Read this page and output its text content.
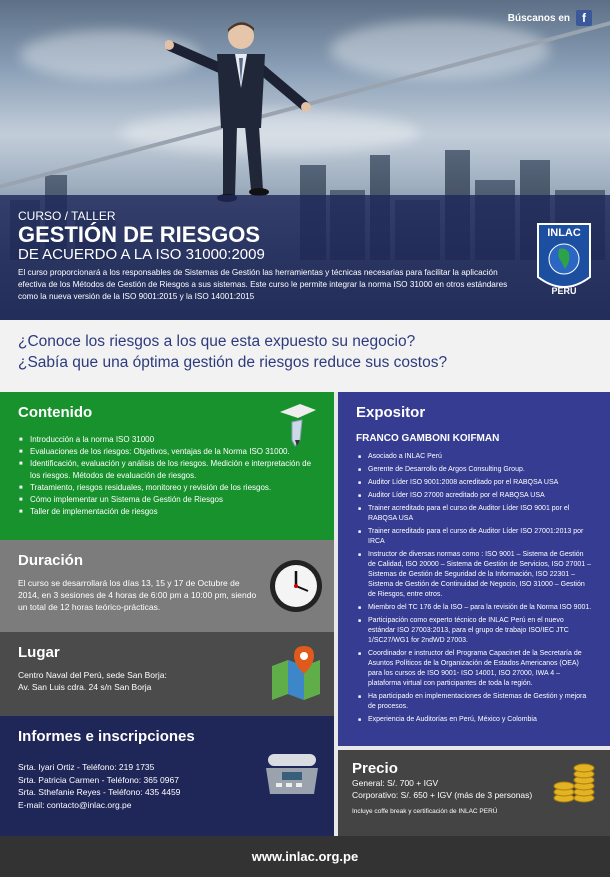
Búscanos en	f
CURSO / TALLER
GESTIÓN DE RIESGOS
DE ACUERDO A LA ISO 31000:2009
El curso proporcionará a los responsables de Sistemas de Gestión las herramientas y técnicas necesarias para facilitar la aplicación efectiva de los Métodos de Gestión de Riesgos a sus sistemas. Este curso le permite integrar la norma ISO 31000 en otros estándares como la nueva versión de la ISO 9001:2015 y la ISO 14001:2015
INLAC
PERÚ
¿Conoce los riesgos a los que esta expuesto su negocio?
¿Sabía que una óptima gestión de riesgos reduce sus costos?
Contenido
■ Introducción a la norma ISO 31000
■ Evaluaciones de los riesgos: Objetivos, ventajas de la Norma ISO 31000.
■ Identificación, evaluación y análisis de los riesgos. Medición e interpretación de los riesgos. Métodos de evaluación de riesgos.
■ Tratamiento, riesgos residuales, monitoreo y revisión de los riesgos.
■ Cómo implementar un Sistema de Gestión de Riesgos
■ Taller de implementación de riesgos
Duración

El curso se desarrollará los días 13, 15 y 17 de Octubre de 2014, en 3 sesiones de 4 horas de 6:00 pm a 10:00 pm, siendo un total de 12 horas teórico-prácticas.

Lugar

Centro Naval del Perú, sede San Borja:
Av. San Luis cdra. 24 s/n San Borja

Informes e inscripciones
Srta. Iyari Ortiz - Teléfono: 219 1735
Srta. Patricia Carmen - Teléfono: 365 0967
Srta. Sthefanie Reyes - Teléfono: 435 4459
E-mail: contacto@inlac.org.pe
Expositor
FRANCO GAMBONI KOIFMAN
■ Asociado a INLAC Perú
■ Gerente de Desarrollo de Argos Consulting Group.
■ Auditor Líder ISO 9001:2008 acreditado por el RABQSA USA
■ Auditor Líder ISO 27000 acreditado por el RABQSA USA
■ Trainer acreditado para el curso de Auditor Líder ISO 9001 por el RABQSA USA
■ Trainer acreditado para el curso de Auditor Líder ISO 27001:2013 por IRCA
■ Instructor de diversas normas como : ISO 9001 – Sistema de Gestión de Calidad, ISO 20000 – Sistema de Gestión de Servicios, ISO 27001 – Sistemas de Gestión de Seguridad de la Información, ISO 22301 – Sistema de Gestión de Continuidad de Negocio, ISO 31000 – Gestión de Riesgos, entre otros.
■ Miembro del TC 176 de la ISO – para la revisión de la Norma ISO 9001.
■ Participación como experto técnico de INLAC Perú en el nuevo estándar ISO 27003:2013, para el grupo de trabajo ISO/IEC JTC 1/SC27/WG1 for 2ndWD 27003.
■ Coordinador e instructor del Programa Capacinet de la Secretaría de Asuntos Políticos de la Organización de Estados Americanos (OEA) para los cursos de ISO 9001- ISO 14001, ISO 27000, IWA 4 – plataforma virtual con participantes de toda la región.
■ Ha participado en implementaciones de Sistemas de Gestión y mejora de procesos.
■ Experiencia de Auditorías en Perú, México y Colombia
Precio

General: S/. 700 + IGV

Corporativo: S/. 650 + IGV (más de 3 personas)

Incluye coffe break y certificación de INLAC PERÚ

www.inlac.org.pe
